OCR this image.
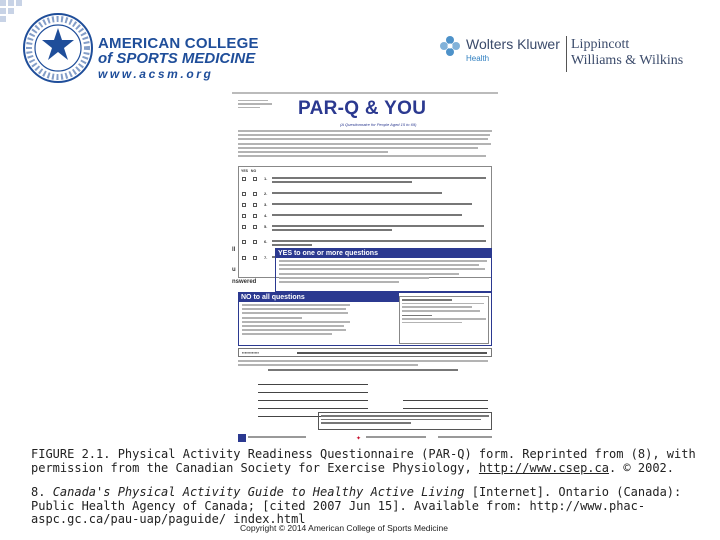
AMERICAN COLLEGE
of SPORTS MEDICINE
www.acsm.org
Wolters Kluwer
Health
Lippincott
Williams & Wilkins
PAR-Q & YOU
(A Questionnaire for People Aged 15 to 69)
YES   NO
1.
2.
3.
4.
5.
6.
7.
ll
u
nswered
YES to one or more questions
NO to all questions
▪▪▪▪▪▪▪▪▪▪▪▪
✦
FIGURE 2.1. Physical Activity Readiness Questionnaire (PAR-Q) form. Reprinted from (8), with permission from the Canadian Society for Exercise Physiology, http://www.csep.ca. © 2002.
8. Canada's Physical Activity Guide to Healthy Active Living [Internet]. Ontario (Canada): Public Health Agency of Canada; [cited 2007 Jun 15]. Available from: http://www.phac-aspc.gc.ca/pau-uap/paguide/ index.html
Copyright © 2014 American College of Sports Medicine
